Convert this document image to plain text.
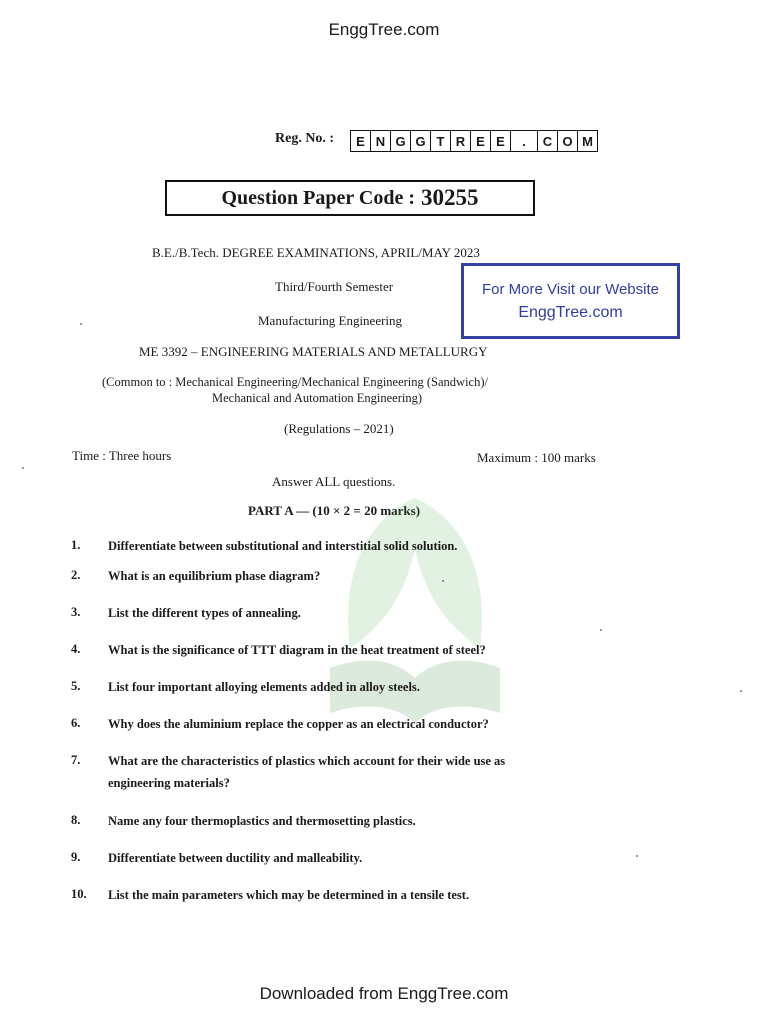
EnggTree.com
Reg. No. :	E N G G T R E E	.	C O M
Question Paper Code : 30255
B.E./B.Tech. DEGREE EXAMINATIONS, APRIL/MAY 2023
Third/Fourth Semester
Manufacturing Engineering
For More Visit our Website
EnggTree.com
ME 3392 – ENGINEERING MATERIALS AND METALLURGY
(Common to : Mechanical Engineering/Mechanical Engineering (Sandwich)/
Mechanical and Automation Engineering)
(Regulations – 2021)
Time : Three hours	Maximum : 100 marks
Answer ALL questions.
PART A — (10 × 2 = 20 marks)
1. Differentiate between substitutional and interstitial solid solution.
2. What is an equilibrium phase diagram?
3. List the different types of annealing.
4. What is the significance of TTT diagram in the heat treatment of steel?
5. List four important alloying elements added in alloy steels.
6. Why does the aluminium replace the copper as an electrical conductor?
7. What are the characteristics of plastics which account for their wide use as
engineering materials?
8. Name any four thermoplastics and thermosetting plastics.
9. Differentiate between ductility and malleability.
10. List the main parameters which may be determined in a tensile test.
Downloaded from EnggTree.com
